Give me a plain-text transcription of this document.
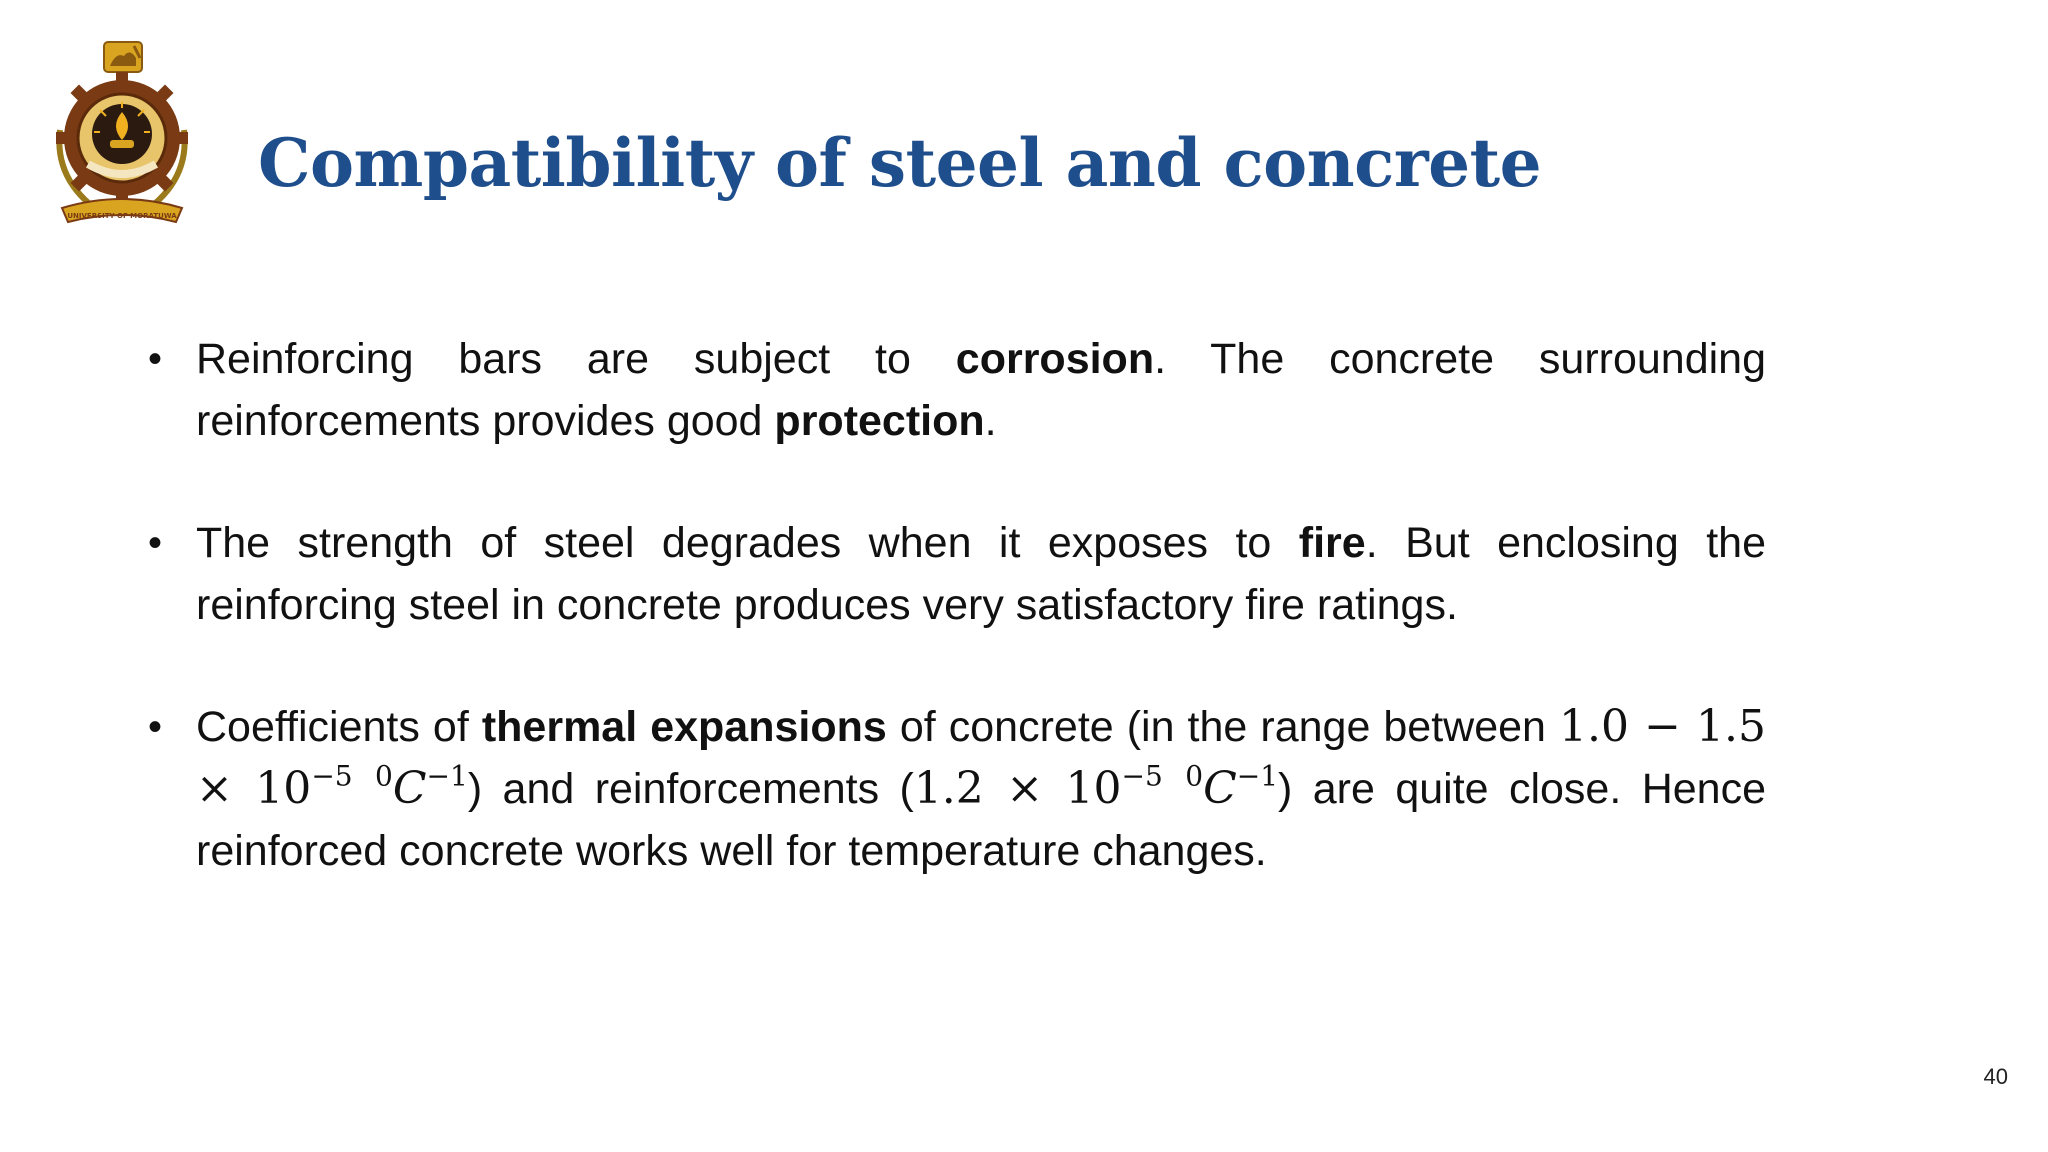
UNIVERSITY OF MORATUWA
Compatibility of steel and concrete
• Reinforcing bars are subject to corrosion. The concrete surrounding reinforcements provides good protection.
• The strength of steel degrades when it exposes to fire. But enclosing the reinforcing steel in concrete produces very satisfactory fire ratings.
• Coefficients of thermal expansions of concrete (in the range between $1.0 - 1.5 \times 10^{-5}$ $^0C^{-1}$) and reinforcements ($1.2 \times 10^{-5}$ $^0C^{-1}$) are quite close. Hence reinforced concrete works well for temperature changes.
40
